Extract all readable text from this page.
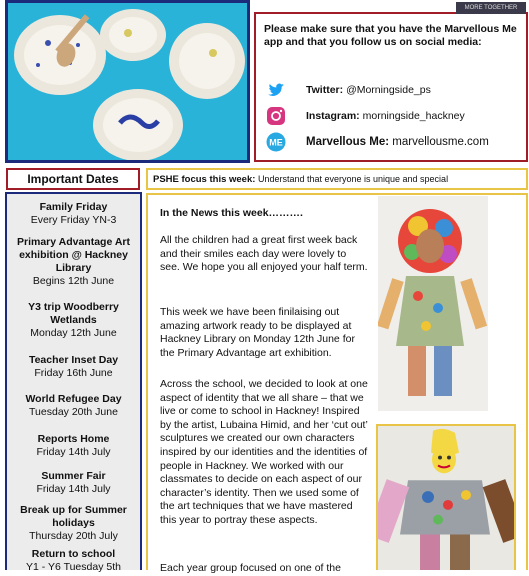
MORE TOGETHER
Please make sure that you have the Marvellous Me app and that you follow us on social media:
Twitter: @Morningside_ps
Instagram: morningside_hackney
ME Marvellous Me: marvellousme.com
Important Dates
Family Friday
Every Friday YN-3
Primary Advantage Art exhibition @ Hackney Library
Begins 12th June
Y3 trip Woodberry Wetlands
Monday 12th June
Teacher Inset Day
Friday 16th June
World Refugee Day
Tuesday 20th June
Reports Home
Friday 14th July
Summer Fair
Friday 14th July
Break up for Summer holidays
Thursday 20th July
Return to school
Y1 - Y6 Tuesday 5th
PSHE focus this week: Understand that everyone is unique and special
In the News this week……….
All the children had a great first week back and their smiles each day were lovely to see. We hope you all enjoyed your half term.
This week we have been finilaising out amazing artwork ready to be displayed at Hackney Library on Monday 12th June for the Primary Advantage art exhibition.
Across the school, we decided to look at one aspect of identity that we all share – that we live or come to school in Hackney! Inspired by the artist, Lubaina Himid, and her ‘cut out’ sculptures we created our own characters inspired by our identities and the identities of people in Hackney. We worked with our classmates to decide on each aspect of our character’s identity. Then we used some of the art techniques that we have mastered this year to portray these aspects.
Each year group focused on one of the
